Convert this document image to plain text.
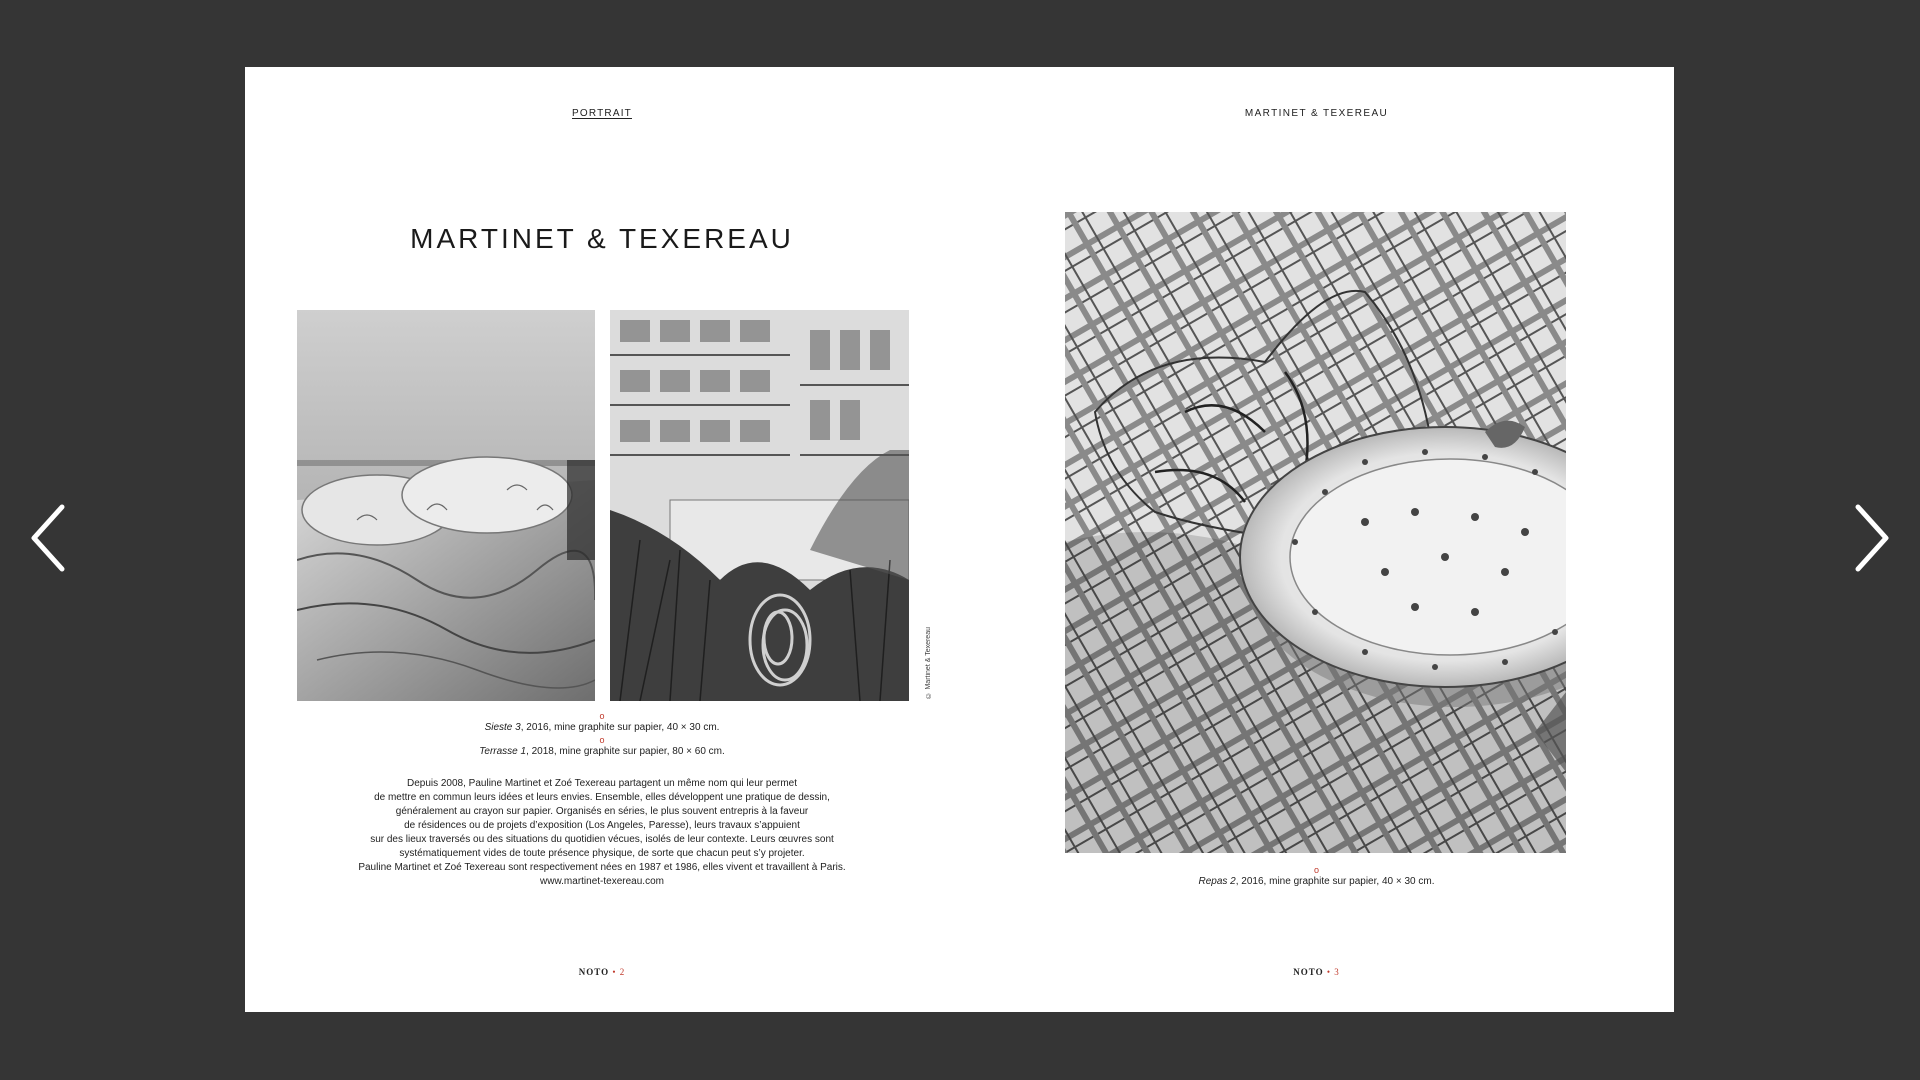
PORTRAIT
MARTINET & TEXEREAU
© Martinet & Texereau
o
Sieste 3, 2016, mine graphite sur papier, 40 × 30 cm.
o
Terrasse 1, 2018, mine graphite sur papier, 80 × 60 cm.
Depuis 2008, Pauline Martinet et Zoé Texereau partagent un même nom qui leur permet
de mettre en commun leurs idées et leurs envies. Ensemble, elles développent une pratique de dessin,
généralement au crayon sur papier. Organisés en séries, le plus souvent entrepris à la faveur
de résidences ou de projets d’exposition (Los Angeles, Paresse), leurs travaux s’appuient
sur des lieux traversés ou des situations du quotidien vécues, isolés de leur contexte. Leurs œuvres sont
systématiquement vides de toute présence physique, de sorte que chacun peut s’y projeter.
Pauline Martinet et Zoé Texereau sont respectivement nées en 1987 et 1986, elles vivent et travaillent à Paris.
www.martinet-texereau.com
NOTO • 2
MARTINET & TEXEREAU
o
Repas 2, 2016, mine graphite sur papier, 40 × 30 cm.
NOTO • 3
